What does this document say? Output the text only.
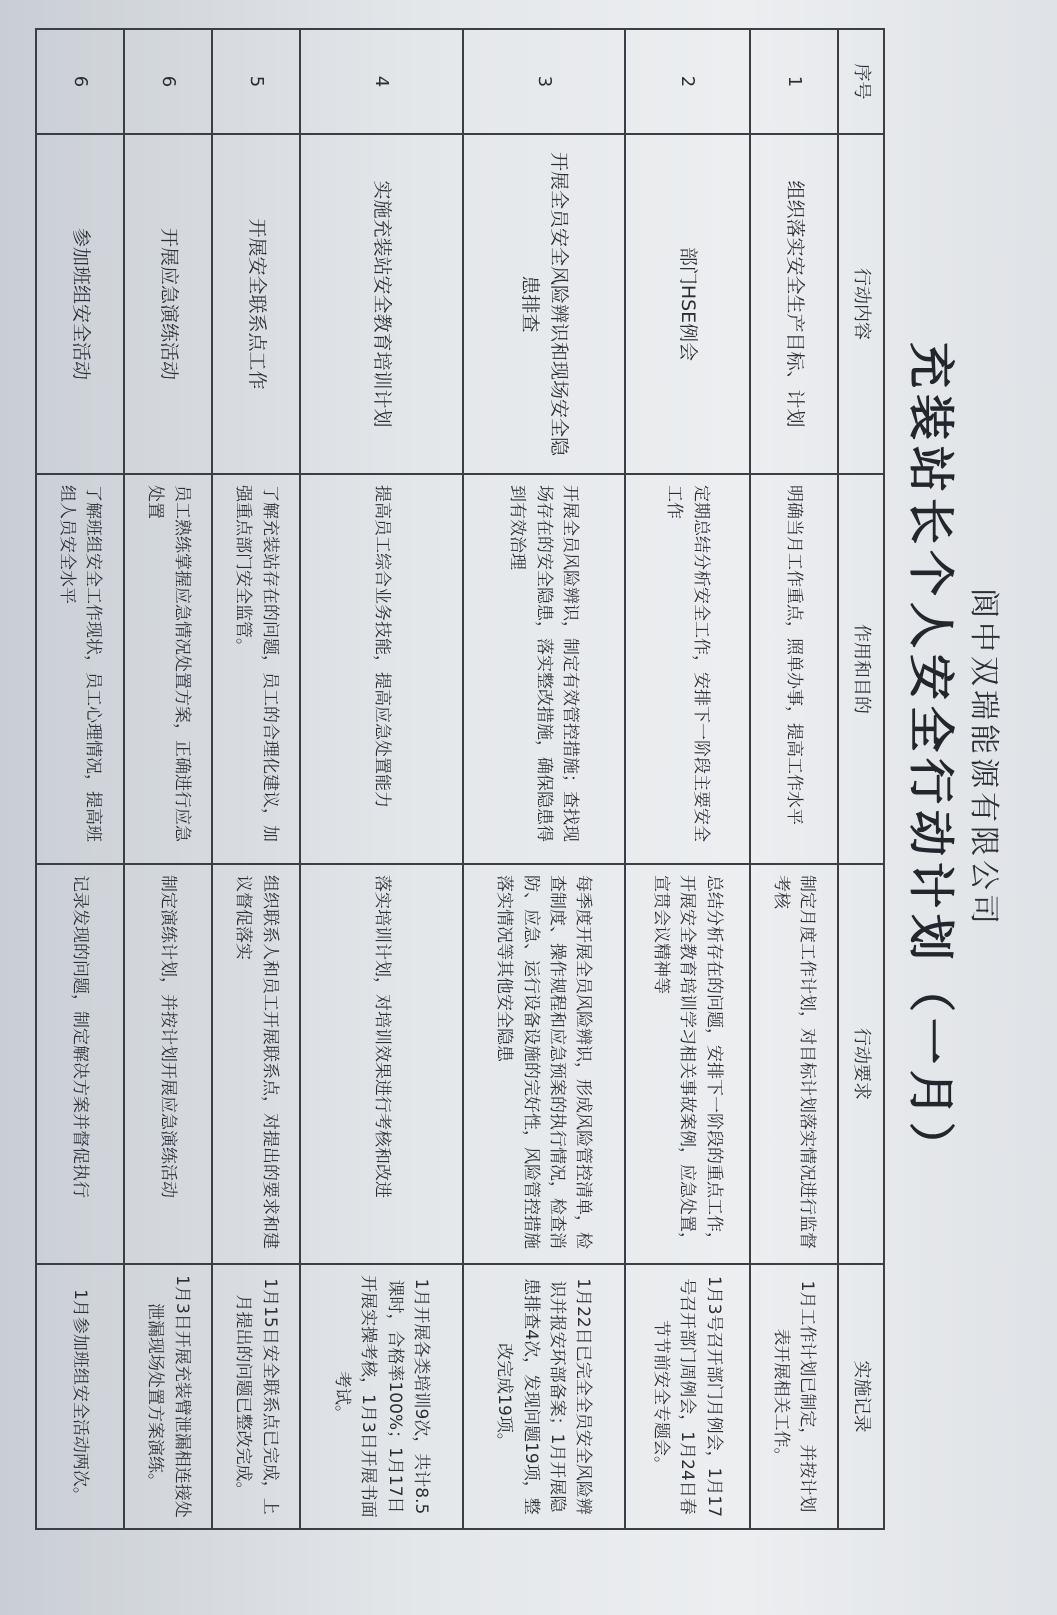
阆中双瑞能源有限公司
充装站长个人安全行动计划（一月）
序号	行动内容	作用和目的	行动要求	实施记录
1	组织落实安全生产目标、计划	明确当月工作重点，照单办事，提高工作水平	制定月度工作计划，对目标计划落实情况进行监督考核	1月工作计划已制定，并按计划表开展相关工作。
2	部门HSE例会	定期总结分析安全工作，安排下一阶段主要安全工作	总结分析存在的问题，安排下一阶段的重点工作，开展安全教育培训学习相关事故案例，应急处置，宣贯会议精神等	1月3号召开部门月例会，1月17号召开部门周例会，1月24日春节节前安全专题会。
3	开展全员安全风险辨识和现场安全隐患排查	开展全员风险辨识，制定有效管控措施；查找现场存在的安全隐患，落实整改措施，确保隐患得到有效治理	每季度开展全员风险辨识，形成风险管控清单，检查制度、操作规程和应急预案的执行情况，检查消防、应急、运行设备设施的完好性，风险管控措施落实情况等其他安全隐患	1月22日已完全全员安全风险辨识并报安环部备案；1月开展隐患排查4次，发现问题19项，整改完成19项。
4	实施充装站安全教育培训计划	提高员工综合业务技能，提高应急处置能力	落实培训计划，对培训效果进行考核和改进	1月开展各类培训9次，共计8.5课时，合格率100%；1月17日开展实操考核，1月3日开展书面考试。
5	开展安全联系点工作	了解充装站存在的问题，员工的合理化建议，加强重点部门安全监管。	组织联系人和员工开展联系点，对提出的要求和建议督促落实	1月15日安全联系点已完成，上月提出的问题已整改完成。
6	开展应急演练活动	员工熟练掌握应急情况处置方案，正确进行应急处置	制定演练计划，并按计划开展应急演练活动	1月3日开展充装臂泄漏相连接处泄漏现场处置方案演练。
6	参加班组安全活动	了解班组安全工作现状，员工心理情况，提高班组人员安全水平	记录发现的问题，制定解决方案并督促执行	1月参加班组安全活动两次。
